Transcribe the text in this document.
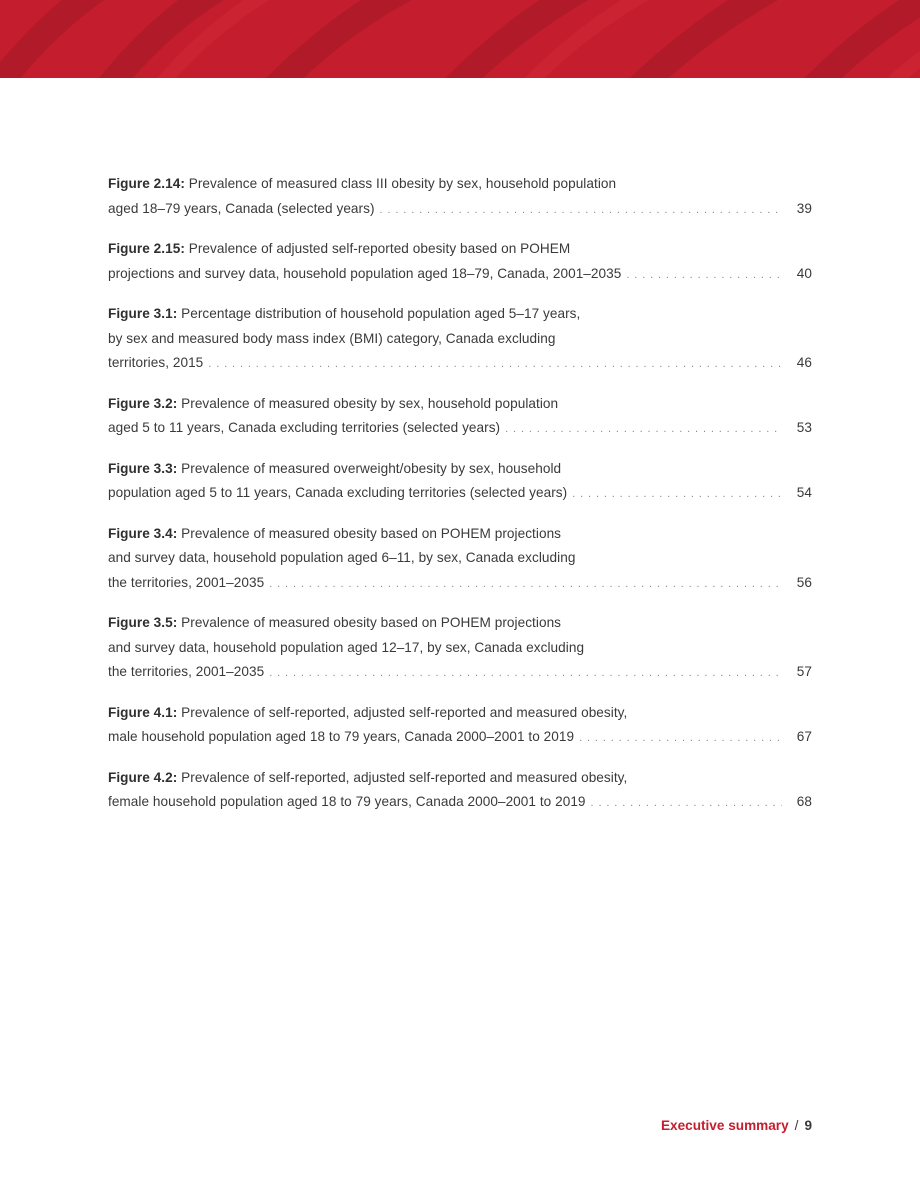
Figure 2.14: Prevalence of measured class III obesity by sex, household population
aged 18–79 years, Canada (selected years) . . .	39
Figure 2.15: Prevalence of adjusted self-reported obesity based on POHEM
projections and survey data, household population aged 18–79, Canada, 2001–2035 . . .	40
Figure 3.1: Percentage distribution of household population aged 5–17 years,
by sex and measured body mass index (BMI) category, Canada excluding
territories, 2015 . . .	46
Figure 3.2: Prevalence of measured obesity by sex, household population
aged 5 to 11 years, Canada excluding territories (selected years) . . .	53
Figure 3.3: Prevalence of measured overweight/obesity by sex, household
population aged 5 to 11 years, Canada excluding territories (selected years) . . .	54
Figure 3.4: Prevalence of measured obesity based on POHEM projections
and survey data, household population aged 6–11, by sex, Canada excluding
the territories, 2001–2035 . . .	56
Figure 3.5: Prevalence of measured obesity based on POHEM projections
and survey data, household population aged 12–17, by sex, Canada excluding
the territories, 2001–2035 . . .	57
Figure 4.1: Prevalence of self-reported, adjusted self-reported and measured obesity,
male household population aged 18 to 79 years, Canada 2000–2001 to 2019 . . .	67
Figure 4.2: Prevalence of self-reported, adjusted self-reported and measured obesity,
female household population aged 18 to 79 years, Canada 2000–2001 to 2019 . . .	68
Executive summary / 9
